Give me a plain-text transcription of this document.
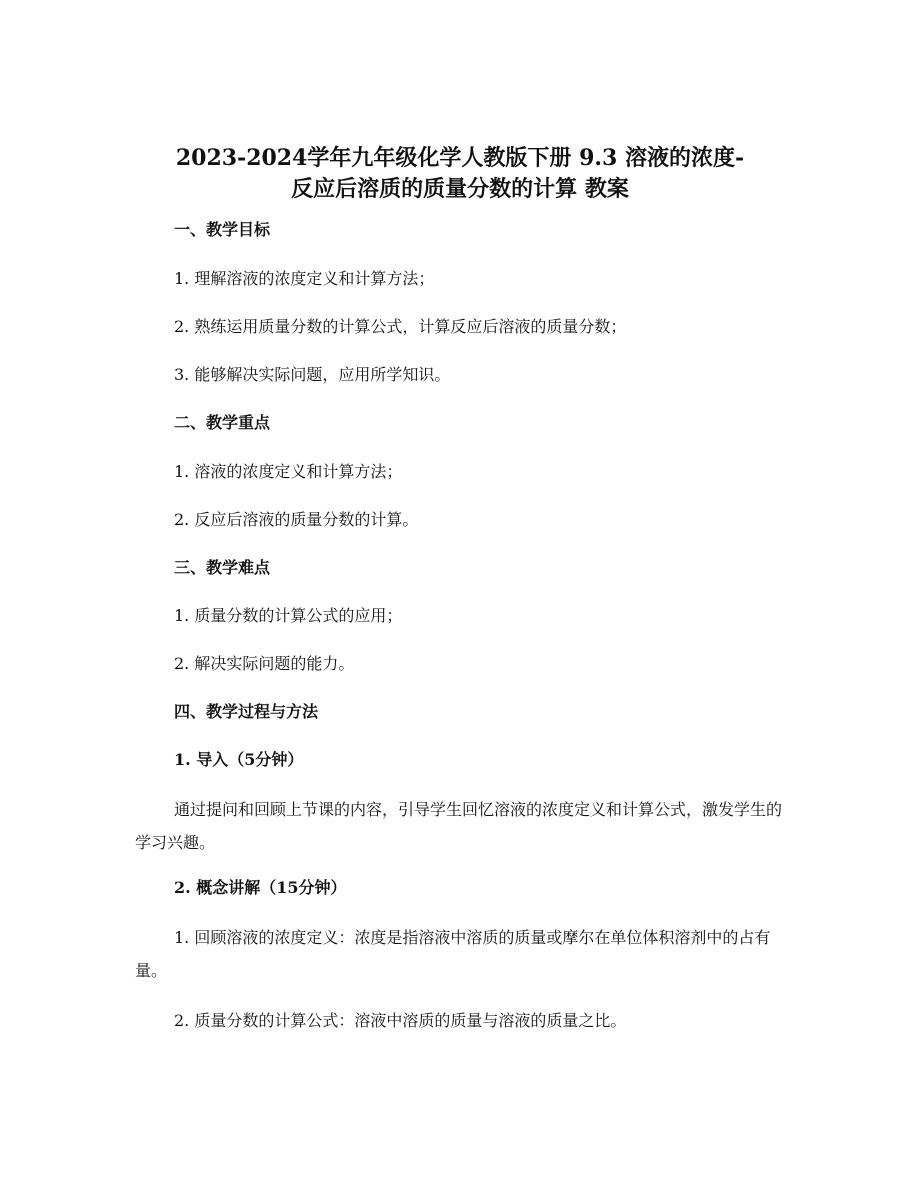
2023-2024学年九年级化学人教版下册 9.3 溶液的浓度-
反应后溶质的质量分数的计算 教案

一、教学目标

1. 理解溶液的浓度定义和计算方法；

2. 熟练运用质量分数的计算公式，计算反应后溶液的质量分数；

3. 能够解决实际问题，应用所学知识。

二、教学重点

1. 溶液的浓度定义和计算方法；

2. 反应后溶液的质量分数的计算。

三、教学难点

1. 质量分数的计算公式的应用；

2. 解决实际问题的能力。

四、教学过程与方法

1. 导入（5分钟）

通过提问和回顾上节课的内容，引导学生回忆溶液的浓度定义和计算公式，激发学生的学习兴趣。

2. 概念讲解（15分钟）

1. 回顾溶液的浓度定义：浓度是指溶液中溶质的质量或摩尔在单位体积溶剂中的占有量。

2. 质量分数的计算公式：溶液中溶质的质量与溶液的质量之比。
